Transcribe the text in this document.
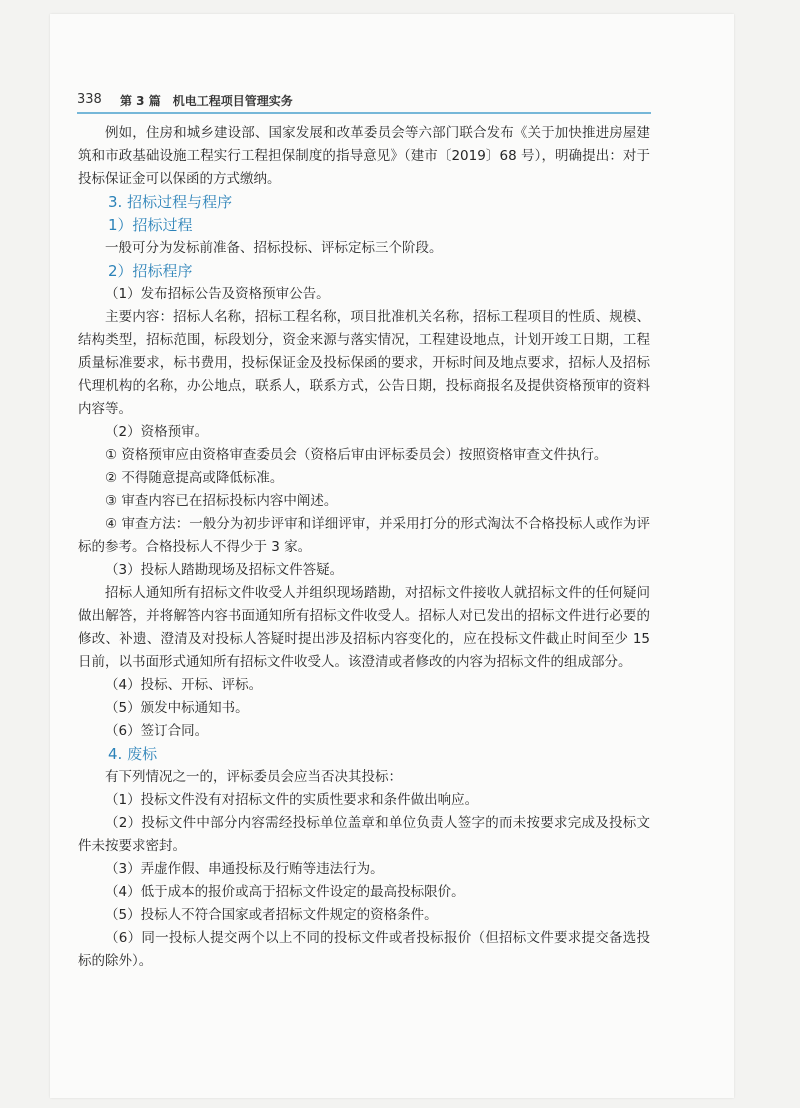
338 第 3 篇　机电工程项目管理实务

例如，住房和城乡建设部、国家发展和改革委员会等六部门联合发布《关于加快推进房屋建筑和市政基础设施工程实行工程担保制度的指导意见》（建市〔2019〕68 号），明确提出：对于投标保证金可以保函的方式缴纳。

3. 招标过程与程序

1）招标过程

一般可分为发标前准备、招标投标、评标定标三个阶段。

2）招标程序

（1）发布招标公告及资格预审公告。

主要内容：招标人名称，招标工程名称，项目批准机关名称，招标工程项目的性质、规模、结构类型，招标范围，标段划分，资金来源与落实情况，工程建设地点，计划开竣工日期，工程质量标准要求，标书费用，投标保证金及投标保函的要求，开标时间及地点要求，招标人及招标代理机构的名称，办公地点，联系人，联系方式，公告日期，投标商报名及提供资格预审的资料内容等。

（2）资格预审。

① 资格预审应由资格审查委员会（资格后审由评标委员会）按照资格审查文件执行。

② 不得随意提高或降低标准。

③ 审查内容已在招标投标内容中阐述。

④ 审查方法：一般分为初步评审和详细评审，并采用打分的形式淘汰不合格投标人或作为评标的参考。合格投标人不得少于 3 家。

（3）投标人踏勘现场及招标文件答疑。

招标人通知所有招标文件收受人并组织现场踏勘，对招标文件接收人就招标文件的任何疑问做出解答，并将解答内容书面通知所有招标文件收受人。招标人对已发出的招标文件进行必要的修改、补遗、澄清及对投标人答疑时提出涉及招标内容变化的，应在投标文件截止时间至少 15 日前，以书面形式通知所有招标文件收受人。该澄清或者修改的内容为招标文件的组成部分。

（4）投标、开标、评标。

（5）颁发中标通知书。

（6）签订合同。

4. 废标

有下列情况之一的，评标委员会应当否决其投标：

（1）投标文件没有对招标文件的实质性要求和条件做出响应。

（2）投标文件中部分内容需经投标单位盖章和单位负责人签字的而未按要求完成及投标文件未按要求密封。

（3）弄虚作假、串通投标及行贿等违法行为。

（4）低于成本的报价或高于招标文件设定的最高投标限价。

（5）投标人不符合国家或者招标文件规定的资格条件。

（6）同一投标人提交两个以上不同的投标文件或者投标报价（但招标文件要求提交备选投标的除外）。
